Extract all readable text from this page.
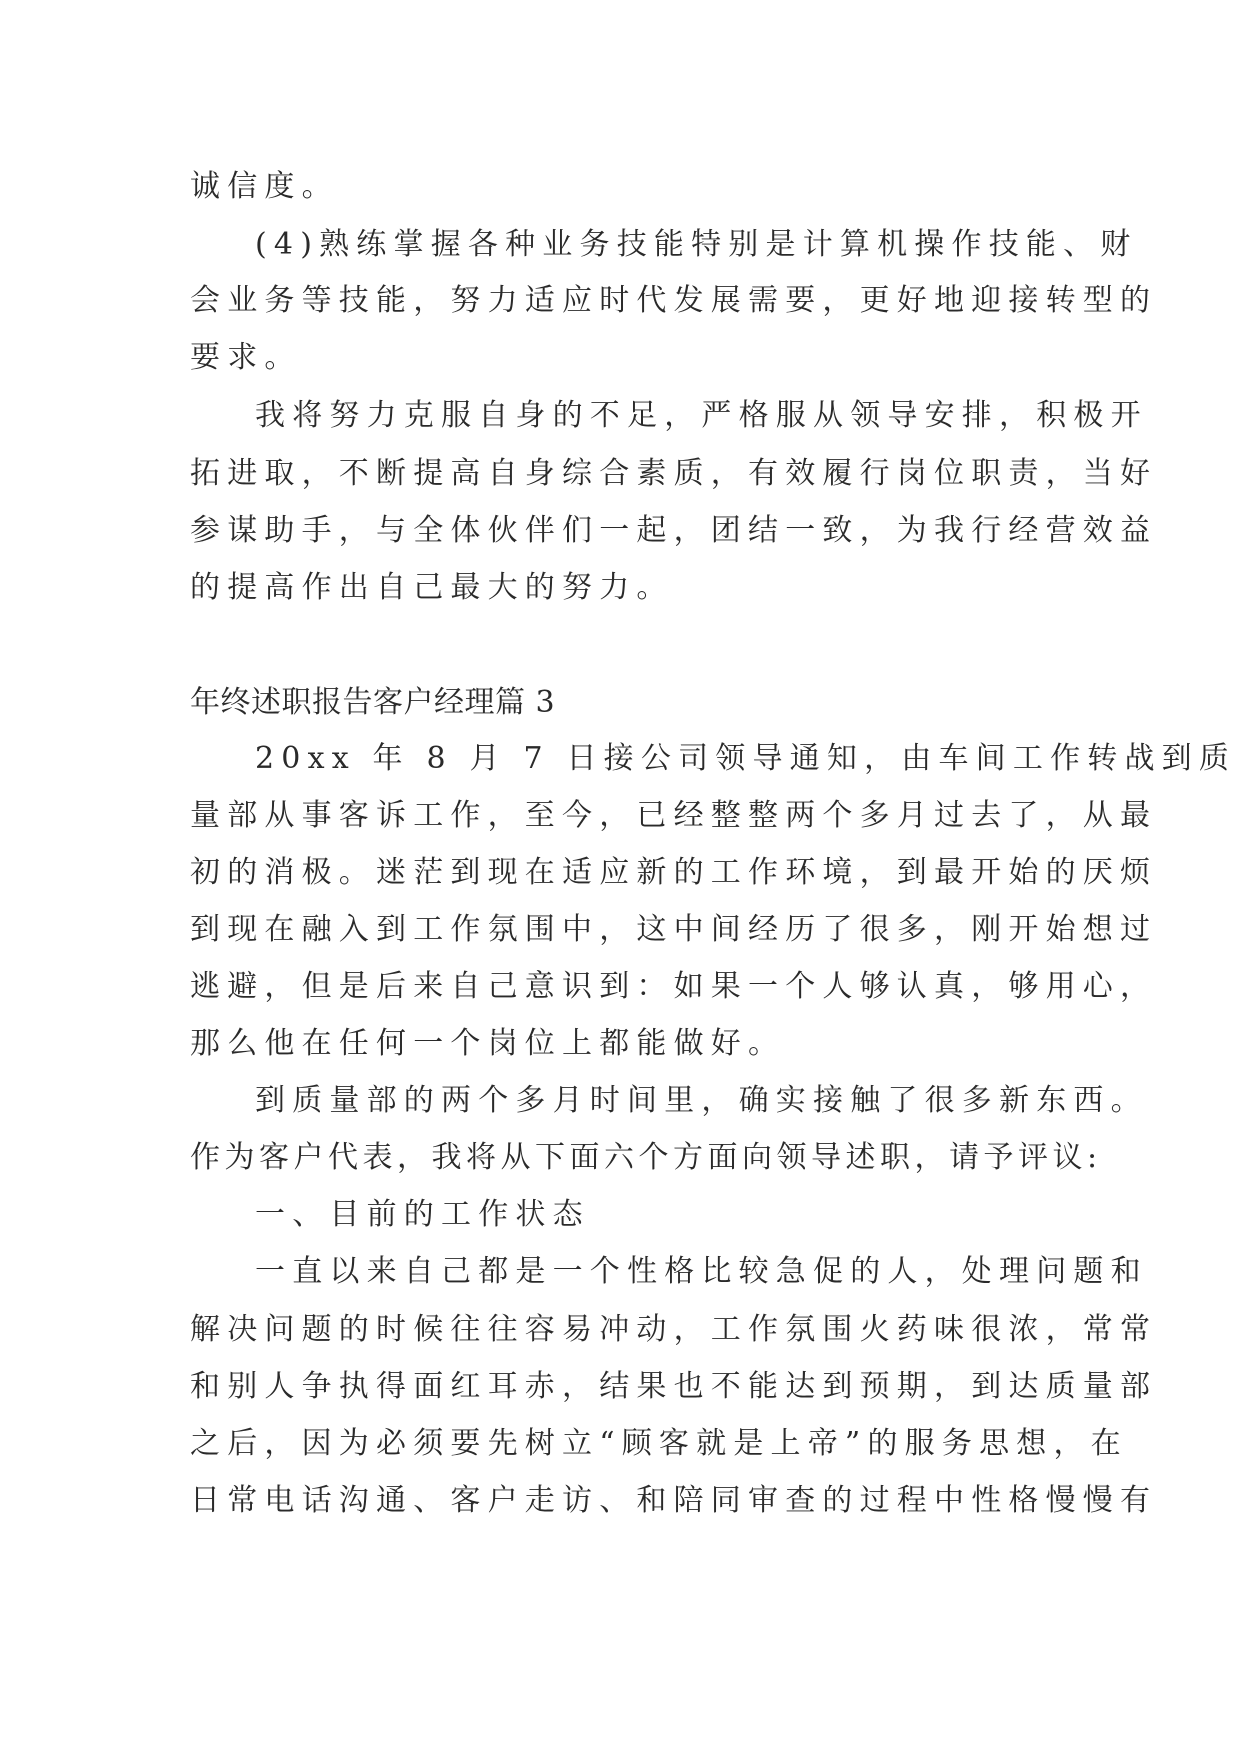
诚信度。

(4)熟练掌握各种业务技能特别是计算机操作技能、财

会业务等技能，努力适应时代发展需要，更好地迎接转型的

要求。

我将努力克服自身的不足，严格服从领导安排，积极开

拓进取，不断提高自身综合素质，有效履行岗位职责，当好

参谋助手，与全体伙伴们一起，团结一致，为我行经营效益

的提高作出自己最大的努力。

年终述职报告客户经理篇 3

20xx 年 8 月 7 日接公司领导通知，由车间工作转战到质

量部从事客诉工作，至今，已经整整两个多月过去了，从最

初的消极。迷茫到现在适应新的工作环境，到最开始的厌烦

到现在融入到工作氛围中，这中间经历了很多，刚开始想过

逃避，但是后来自己意识到：如果一个人够认真，够用心，

那么他在任何一个岗位上都能做好。

到质量部的两个多月时间里，确实接触了很多新东西。

作为客户代表，我将从下面六个方面向领导述职，请予评议:

一、目前的工作状态

一直以来自己都是一个性格比较急促的人，处理问题和

解决问题的时候往往容易冲动，工作氛围火药味很浓，常常

和别人争执得面红耳赤，结果也不能达到预期，到达质量部

之后，因为必须要先树立“顾客就是上帝”的服务思想，在

日常电话沟通、客户走访、和陪同审查的过程中性格慢慢有
